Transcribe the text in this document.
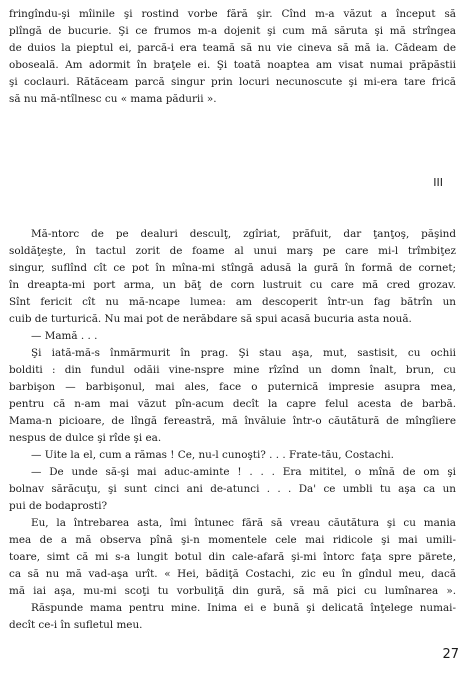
fringîndu-şi mîinile şi rostind vorbe fără şir. Cînd m-a văzut a început să
plîngă de bucurie. Şi ce frumos m-a dojenit şi cum mă săruta şi mă strîngea
de duios la pieptul ei, parcă-i era teamă să nu vie cineva să mă ia. Cădeam de
oboseală. Am adormit în braţele ei. Şi toată noaptea am visat numai prăpăstii
şi coclauri. Rătăceam parcă singur prin locuri necunoscute şi mi-era tare frică
să nu mă-ntîlnesc cu « mama pădurii ».
III
Mă-ntorc de pe dealuri desculţ, zgîriat, prăfuit, dar ţanţoş, păşind
soldăţeşte, în tactul zorit de foame al unui marş pe care mi-l trîmbiţez
singur, suflînd cît ce pot în mîna-mi stîngă adusă la gură în formă de cornet;
în dreapta-mi port arma, un băţ de corn lustruit cu care mă cred grozav.
Sînt fericit cît nu mă-ncape lumea: am descoperit într-un fag bătrîn un
cuib de turturică. Nu mai pot de nerăbdare să spui acasă bucuria asta nouă.
— Mamă . . .
Şi iată-mă-s înmărmurit în prag. Şi stau aşa, mut, sastisit, cu ochii
bolditi : din fundul odăii vine-nspre mine rîzînd un domn înalt, brun, cu
barbişon — barbişonul, mai ales, face o puternică impresie asupra mea,
pentru că n-am mai văzut pîn-acum decît la capre felul acesta de barbă.
Mama-n picioare, de lîngă fereastră, mă învăluie într-o căutătură de mîngîiere
nespus de dulce şi rîde şi ea.
— Uite la el, cum a rămas ! Ce, nu-l cunoşti? . . . Frate-tău, Costachi.
— De unde să-şi mai aduc-aminte ! . . . Era mititel, o mînă de om şi
bolnav sărăcuţu, şi sunt cinci ani de-atunci . . . Da' ce umbli tu aşa ca un
pui de bodaprosti?
Eu, la întrebarea asta, îmi întunec fără să vreau căutătura şi cu mania
mea de a mă observa pînă şi-n momentele cele mai ridicole şi mai umili-
toare, simt că mi s-a lungit botul din cale-afară şi-mi întorc faţa spre pärete,
ca să nu mă vad-aşa urît. « Hei, bădiţă Costachi, zic eu în gîndul meu, dacă
mă iai aşa, mu-mi scoţi tu vorbuliţă din gură, să mă pici cu lumînarea ».
Răspunde mama pentru mine. Inima ei e bună şi delicată înţelege numai-
decît ce-i în sufletul meu.
27
